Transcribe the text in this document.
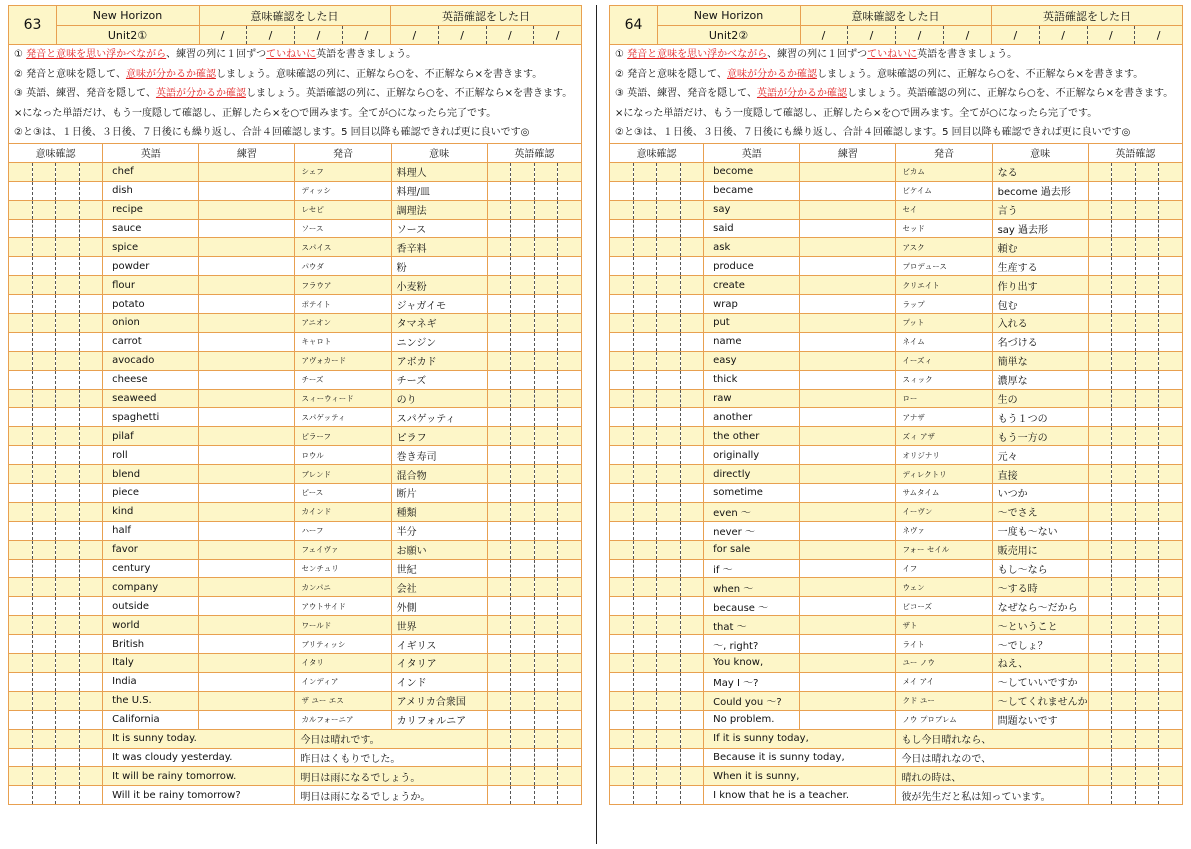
63
New Horizon
Unit2①
意味確認をした日	英語確認をした日
/	/	/	/	/	/	/	/
① 発音と意味を思い浮かべながら、練習の列に１回ずつていねいに英語を書きましょう。
② 発音と意味を隠して、意味が分かるか確認しましょう。意味確認の列に、正解なら○を、不正解なら×を書きます。
③ 英語、練習、発音を隠して、英語が分かるか確認しましょう。英語確認の列に、正解なら○を、不正解なら×を書きます。
×になった単語だけ、もう一度隠して確認し、正解したら×を○で囲みます。全てが○になったら完了です。
②と③は、１日後、３日後、７日後にも繰り返し、合計４回確認します。5 回目以降も確認できれば更に良いです◎
意味確認				英語	練習	発音	意味	英語確認			
				chef		シェフ	料理人				
				dish		ディッシ	料理/皿				
				recipe		レセピ	調理法				
				sauce		ソース	ソース				
				spice		スパイス	香辛料				
				powder		パウダ	粉				
				flour		フラウア	小麦粉				
				potato		ポテイト	ジャガイモ				
				onion		アニオン	タマネギ				
				carrot		キャロト	ニンジン				
				avocado		アヴォカード	アボカド				
				cheese		チーズ	チーズ				
				seaweed		スィーウィード	のり				
				spaghetti		スパゲッティ	スパゲッティ				
				pilaf		ピラーフ	ピラフ				
				roll		ロウル	巻き寿司				
				blend		ブレンド	混合物				
				piece		ピース	断片				
				kind		カインド	種類				
				half		ハーフ	半分				
				favor		フェイヴァ	お願い				
				century		センチュリ	世紀				
				company		カンパニ	会社				
				outside		アウトサイド	外側				
				world		ワールド	世界				
				British		ブリティッシ	イギリス				
				Italy		イタリ	イタリア				
				India		インディア	インド				
				the U.S.		ザ ユー エス	アメリカ合衆国				
				California		カルフォーニア	カリフォルニア				
				It is sunny today.		今日は晴れです。					
				It was cloudy yesterday.		昨日はくもりでした。					
				It will be rainy tomorrow.		明日は雨になるでしょう。					
				Will it be rainy tomorrow?		明日は雨になるでしょうか。					
64
New Horizon
Unit2②
意味確認をした日	英語確認をした日
/	/	/	/	/	/	/	/
① 発音と意味を思い浮かべながら、練習の列に１回ずつていねいに英語を書きましょう。
② 発音と意味を隠して、意味が分かるか確認しましょう。意味確認の列に、正解なら○を、不正解なら×を書きます。
③ 英語、練習、発音を隠して、英語が分かるか確認しましょう。英語確認の列に、正解なら○を、不正解なら×を書きます。
×になった単語だけ、もう一度隠して確認し、正解したら×を○で囲みます。全てが○になったら完了です。
②と③は、１日後、３日後、７日後にも繰り返し、合計４回確認します。5 回目以降も確認できれば更に良いです◎
意味確認				英語	練習	発音	意味	英語確認			
				become		ビカム	なる				
				became		ビケイム	become 過去形				
				say		セイ	言う				
				said		セッド	say 過去形				
				ask		アスク	頼む				
				produce		プロデュース	生産する				
				create		クリエイト	作り出す				
				wrap		ラップ	包む				
				put		プット	入れる				
				name		ネイム	名づける				
				easy		イーズィ	簡単な				
				thick		スィック	濃厚な				
				raw		ロー	生の				
				another		アナザ	もう１つの				
				the other		ズィ アザ	もう一方の				
				originally		オリジナリ	元々				
				directly		ディレクトリ	直接				
				sometime		サムタイム	いつか				
				even ～		イーヴン	～でさえ				
				never ～		ネヴァ	一度も～ない				
				for sale		フォー セイル	販売用に				
				if ～		イフ	もし～なら				
				when ～		ウェン	～する時				
				because ～		ビコーズ	なぜなら～だから				
				that ～		ザト	～ということ				
				～, right?		ライト	～でしょ？				
				You know,		ユー ノウ	ねえ、				
				May I ～?		メイ アイ	～していいですか				
				Could you ～?		クド ユー	～してくれませんか				
				No problem.		ノウ プロブレム	問題ないです				
				If it is sunny today,		もし今日晴れなら、					
				Because it is sunny today,		今日は晴れなので、					
				When it is sunny,		晴れの時は、					
				I know that he is a teacher.		彼が先生だと私は知っています。					
